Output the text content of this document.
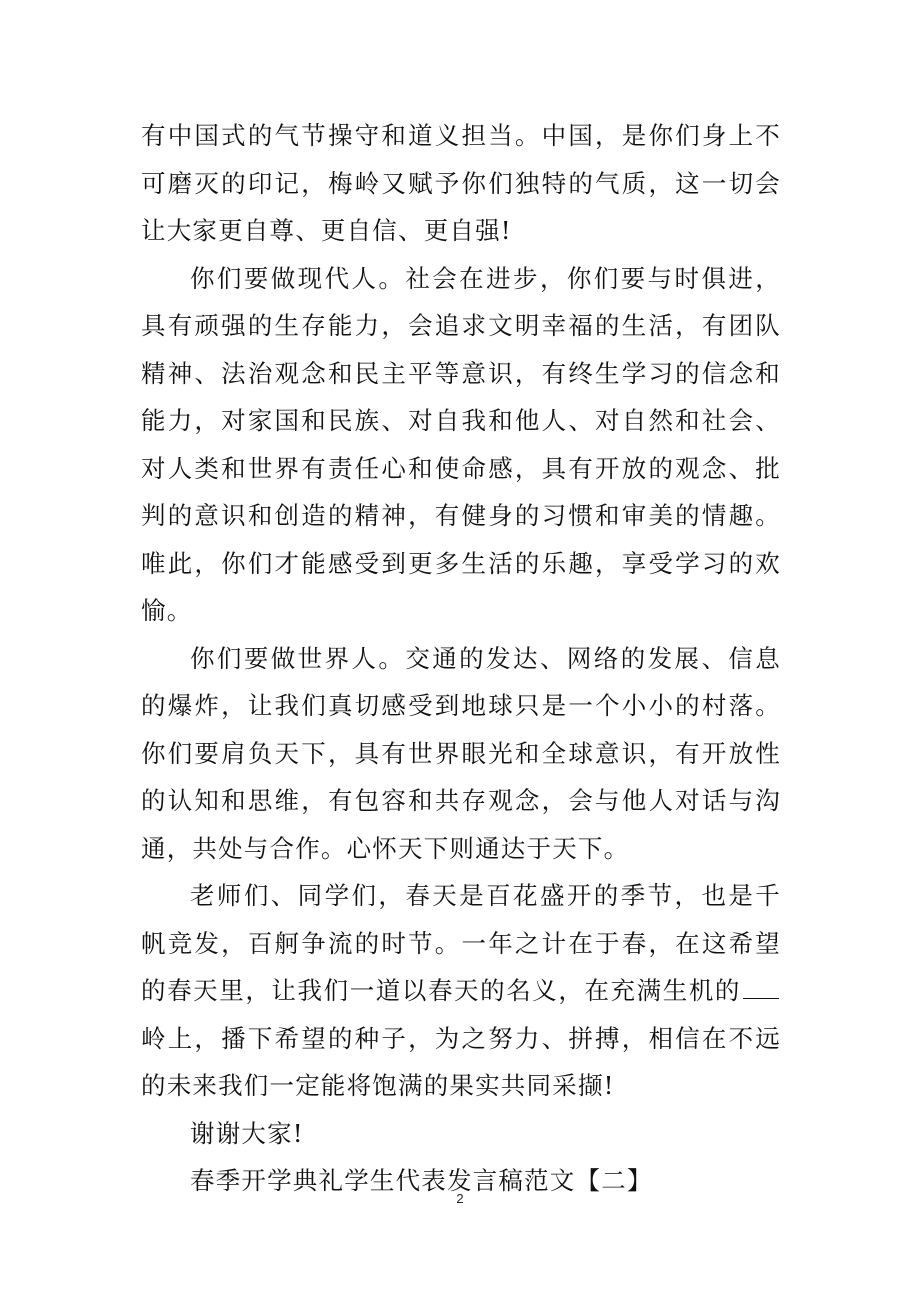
有中国式的气节操守和道义担当。中国，是你们身上不可磨灭的印记，梅岭又赋予你们独特的气质，这一切会让大家更自尊、更自信、更自强!

你们要做现代人。社会在进步，你们要与时俱进，具有顽强的生存能力，会追求文明幸福的生活，有团队精神、法治观念和民主平等意识，有终生学习的信念和能力，对家国和民族、对自我和他人、对自然和社会、对人类和世界有责任心和使命感，具有开放的观念、批判的意识和创造的精神，有健身的习惯和审美的情趣。唯此，你们才能感受到更多生活的乐趣，享受学习的欢愉。

你们要做世界人。交通的发达、网络的发展、信息的爆炸，让我们真切感受到地球只是一个小小的村落。你们要肩负天下，具有世界眼光和全球意识，有开放性的认知和思维，有包容和共存观念，会与他人对话与沟通，共处与合作。心怀天下则通达于天下。

老师们、同学们，春天是百花盛开的季节，也是千帆竞发，百舸争流的时节。一年之计在于春，在这希望的春天里，让我们一道以春天的名义，在充满生机的岭上，播下希望的种子，为之努力、拼搏，相信在不远的未来我们一定能将饱满的果实共同采撷!

谢谢大家!

春季开学典礼学生代表发言稿范文【二】

2
